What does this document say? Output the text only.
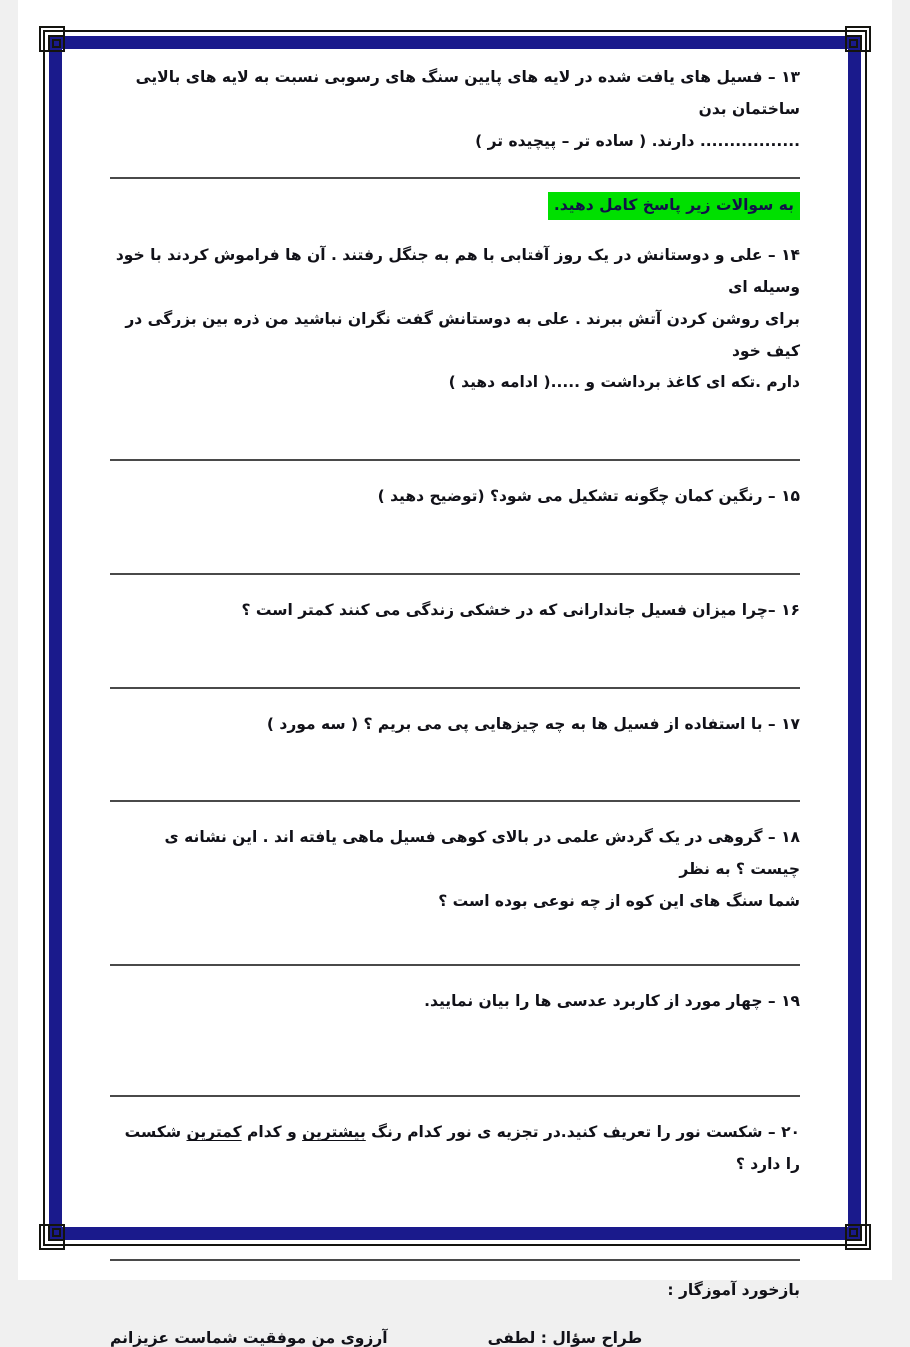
۱۳ – فسیل های یافت شده در لایه های پایین سنگ های رسوبی نسبت به لایه های بالایی ساختمان بدن

................. دارند. ( ساده تر – پیچیده تر )

به سوالات زیر پاسخ کامل دهید.

۱۴ – علی و دوستانش در یک روز آفتابی با هم به جنگل رفتند . آن ها فراموش کردند با خود وسیله ای

برای روشن کردن آتش ببرند . علی به دوستانش گفت نگران نباشید من ذره بین بزرگی در کیف خود

دارم .تکه ای کاغذ برداشت و .....( ادامه دهید )

۱۵ – رنگین کمان چگونه تشکیل می شود؟ (توضیح دهید )

۱۶ –چرا میزان فسیل جاندارانی که در خشکی زندگی می کنند کمتر است ؟

۱۷ – با استفاده از فسیل ها به چه چیزهایی پی می بریم ؟ ( سه مورد )

۱۸ – گروهی در یک گردش علمی در بالای کوهی فسیل ماهی یافته اند . این نشانه ی چیست ؟ به نظر

شما سنگ های این کوه از چه نوعی بوده است ؟

۱۹ – چهار مورد از کاربرد عدسی ها را بیان نمایید.

۲۰ – شکست نور را تعریف کنید.در تجزیه ی نور کدام رنگ بیشترین و کدام کمترین شکست را دارد ؟

بازخورد آموزگار :

آرزوی من موفقیت شماست عزیزانم	طراح سؤال : لطفی
